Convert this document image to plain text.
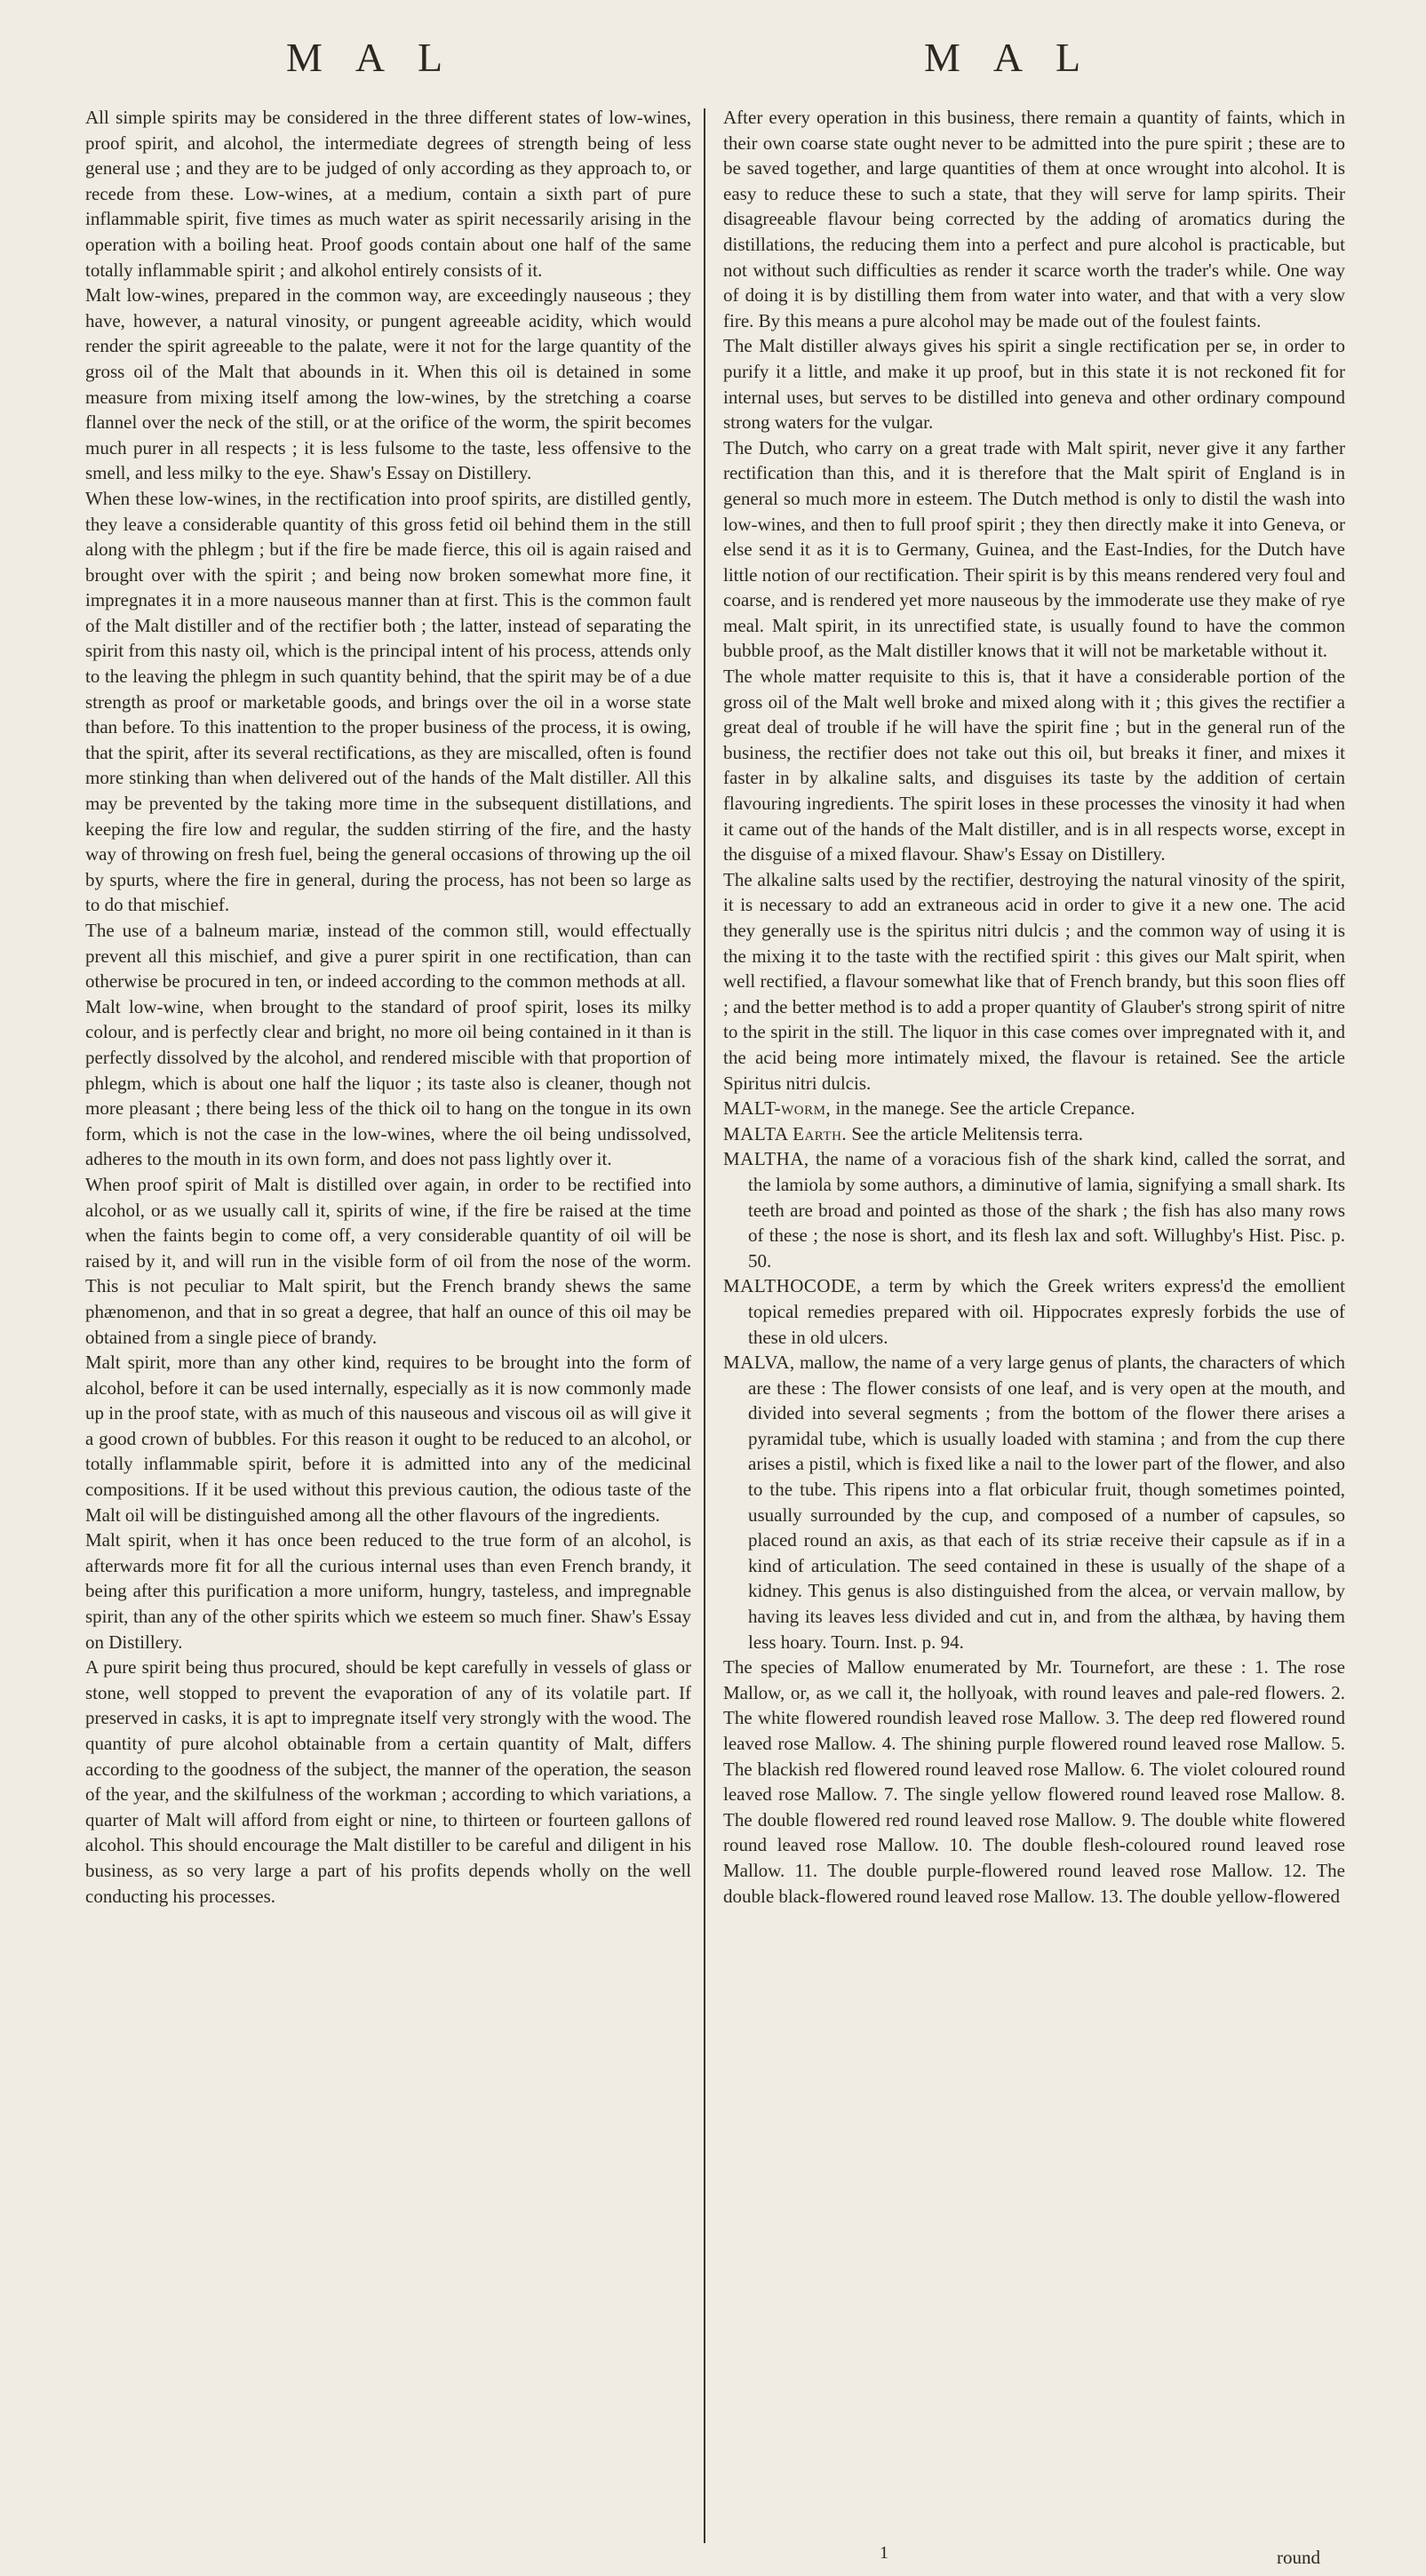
M A L	M A L

All simple spirits may be considered in the three different states of low-wines, proof spirit, and alcohol, the intermediate degrees of strength being of less general use ; and they are to be judged of only according as they approach to, or recede from these. Low-wines, at a medium, contain a sixth part of pure inflammable spirit, five times as much water as spirit necessarily arising in the operation with a boiling heat. Proof goods contain about one half of the same totally inflammable spirit ; and alkohol entirely consists of it.

Malt low-wines, prepared in the common way, are exceedingly nauseous ; they have, however, a natural vinosity, or pungent agreeable acidity, which would render the spirit agreeable to the palate, were it not for the large quantity of the gross oil of the Malt that abounds in it. When this oil is detained in some measure from mixing itself among the low-wines, by the stretching a coarse flannel over the neck of the still, or at the orifice of the worm, the spirit becomes much purer in all respects ; it is less fulsome to the taste, less offensive to the smell, and less milky to the eye. Shaw's Essay on Distillery.

When these low-wines, in the rectification into proof spirits, are distilled gently, they leave a considerable quantity of this gross fetid oil behind them in the still along with the phlegm ; but if the fire be made fierce, this oil is again raised and brought over with the spirit ; and being now broken somewhat more fine, it impregnates it in a more nauseous manner than at first. This is the common fault of the Malt distiller and of the rectifier both ; the latter, instead of separating the spirit from this nasty oil, which is the principal intent of his process, attends only to the leaving the phlegm in such quantity behind, that the spirit may be of a due strength as proof or marketable goods, and brings over the oil in a worse state than before. To this inattention to the proper business of the process, it is owing, that the spirit, after its several rectifications, as they are miscalled, often is found more stinking than when delivered out of the hands of the Malt distiller. All this may be prevented by the taking more time in the subsequent distillations, and keeping the fire low and regular, the sudden stirring of the fire, and the hasty way of throwing on fresh fuel, being the general occasions of throwing up the oil by spurts, where the fire in general, during the process, has not been so large as to do that mischief.

The use of a balneum mariæ, instead of the common still, would effectually prevent all this mischief, and give a purer spirit in one rectification, than can otherwise be procured in ten, or indeed according to the common methods at all.

Malt low-wine, when brought to the standard of proof spirit, loses its milky colour, and is perfectly clear and bright, no more oil being contained in it than is perfectly dissolved by the alcohol, and rendered miscible with that proportion of phlegm, which is about one half the liquor ; its taste also is cleaner, though not more pleasant ; there being less of the thick oil to hang on the tongue in its own form, which is not the case in the low-wines, where the oil being undissolved, adheres to the mouth in its own form, and does not pass lightly over it.

When proof spirit of Malt is distilled over again, in order to be rectified into alcohol, or as we usually call it, spirits of wine, if the fire be raised at the time when the faints begin to come off, a very considerable quantity of oil will be raised by it, and will run in the visible form of oil from the nose of the worm. This is not peculiar to Malt spirit, but the French brandy shews the same phænomenon, and that in so great a degree, that half an ounce of this oil may be obtained from a single piece of brandy.

Malt spirit, more than any other kind, requires to be brought into the form of alcohol, before it can be used internally, especially as it is now commonly made up in the proof state, with as much of this nauseous and viscous oil as will give it a good crown of bubbles. For this reason it ought to be reduced to an alcohol, or totally inflammable spirit, before it is admitted into any of the medicinal compositions. If it be used without this previous caution, the odious taste of the Malt oil will be distinguished among all the other flavours of the ingredients.

Malt spirit, when it has once been reduced to the true form of an alcohol, is afterwards more fit for all the curious internal uses than even French brandy, it being after this purification a more uniform, hungry, tasteless, and impregnable spirit, than any of the other spirits which we esteem so much finer. Shaw's Essay on Distillery.

A pure spirit being thus procured, should be kept carefully in vessels of glass or stone, well stopped to prevent the evaporation of any of its volatile part. If preserved in casks, it is apt to impregnate itself very strongly with the wood. The quantity of pure alcohol obtainable from a certain quantity of Malt, differs according to the goodness of the subject, the manner of the operation, the season of the year, and the skilfulness of the workman ; according to which variations, a quarter of Malt will afford from eight or nine, to thirteen or fourteen gallons of alcohol. This should encourage the Malt distiller to be careful and diligent in his business, as so very large a part of his profits depends wholly on the well conducting his processes.

After every operation in this business, there remain a quantity of faints, which in their own coarse state ought never to be admitted into the pure spirit ; these are to be saved together, and large quantities of them at once wrought into alcohol. It is easy to reduce these to such a state, that they will serve for lamp spirits. Their disagreeable flavour being corrected by the adding of aromatics during the distillations, the reducing them into a perfect and pure alcohol is practicable, but not without such difficulties as render it scarce worth the trader's while. One way of doing it is by distilling them from water into water, and that with a very slow fire. By this means a pure alcohol may be made out of the foulest faints.

The Malt distiller always gives his spirit a single rectification per se, in order to purify it a little, and make it up proof, but in this state it is not reckoned fit for internal uses, but serves to be distilled into geneva and other ordinary compound strong waters for the vulgar.

The Dutch, who carry on a great trade with Malt spirit, never give it any farther rectification than this, and it is therefore that the Malt spirit of England is in general so much more in esteem. The Dutch method is only to distil the wash into low-wines, and then to full proof spirit ; they then directly make it into Geneva, or else send it as it is to Germany, Guinea, and the East-Indies, for the Dutch have little notion of our rectification. Their spirit is by this means rendered very foul and coarse, and is rendered yet more nauseous by the immoderate use they make of rye meal. Malt spirit, in its unrectified state, is usually found to have the common bubble proof, as the Malt distiller knows that it will not be marketable without it.

The whole matter requisite to this is, that it have a considerable portion of the gross oil of the Malt well broke and mixed along with it ; this gives the rectifier a great deal of trouble if he will have the spirit fine ; but in the general run of the business, the rectifier does not take out this oil, but breaks it finer, and mixes it faster in by alkaline salts, and disguises its taste by the addition of certain flavouring ingredients. The spirit loses in these processes the vinosity it had when it came out of the hands of the Malt distiller, and is in all respects worse, except in the disguise of a mixed flavour. Shaw's Essay on Distillery.

The alkaline salts used by the rectifier, destroying the natural vinosity of the spirit, it is necessary to add an extraneous acid in order to give it a new one. The acid they generally use is the spiritus nitri dulcis ; and the common way of using it is the mixing it to the taste with the rectified spirit : this gives our Malt spirit, when well rectified, a flavour somewhat like that of French brandy, but this soon flies off ; and the better method is to add a proper quantity of Glauber's strong spirit of nitre to the spirit in the still. The liquor in this case comes over impregnated with it, and the acid being more intimately mixed, the flavour is retained. See the article Spiritus nitri dulcis.

MALT-worm, in the manege. See the article Crepance.

MALTA Earth. See the article Melitensis terra.

MALTHA, the name of a voracious fish of the shark kind, called the sorrat, and the lamiola by some authors, a diminutive of lamia, signifying a small shark. Its teeth are broad and pointed as those of the shark ; the fish has also many rows of these ; the nose is short, and its flesh lax and soft. Willughby's Hist. Pisc. p. 50.

MALTHOCODE, a term by which the Greek writers express'd the emollient topical remedies prepared with oil. Hippocrates expresly forbids the use of these in old ulcers.

MALVA, mallow, the name of a very large genus of plants, the characters of which are these : The flower consists of one leaf, and is very open at the mouth, and divided into several segments ; from the bottom of the flower there arises a pyramidal tube, which is usually loaded with stamina ; and from the cup there arises a pistil, which is fixed like a nail to the lower part of the flower, and also to the tube. This ripens into a flat orbicular fruit, though sometimes pointed, usually surrounded by the cup, and composed of a number of capsules, so placed round an axis, as that each of its striæ receive their capsule as if in a kind of articulation. The seed contained in these is usually of the shape of a kidney. This genus is also distinguished from the alcea, or vervain mallow, by having its leaves less divided and cut in, and from the althæa, by having them less hoary. Tourn. Inst. p. 94.

The species of Mallow enumerated by Mr. Tournefort, are these : 1. The rose Mallow, or, as we call it, the hollyoak, with round leaves and pale-red flowers. 2. The white flowered roundish leaved rose Mallow. 3. The deep red flowered round leaved rose Mallow. 4. The shining purple flowered round leaved rose Mallow. 5. The blackish red flowered round leaved rose Mallow. 6. The violet coloured round leaved rose Mallow. 7. The single yellow flowered round leaved rose Mallow. 8. The double flowered red round leaved rose Mallow. 9. The double white flowered round leaved rose Mallow. 10. The double flesh-coloured round leaved rose Mallow. 11. The double purple-flowered round leaved rose Mallow. 12. The double black-flowered round leaved rose Mallow. 13. The double yellow-flowered

1	round
